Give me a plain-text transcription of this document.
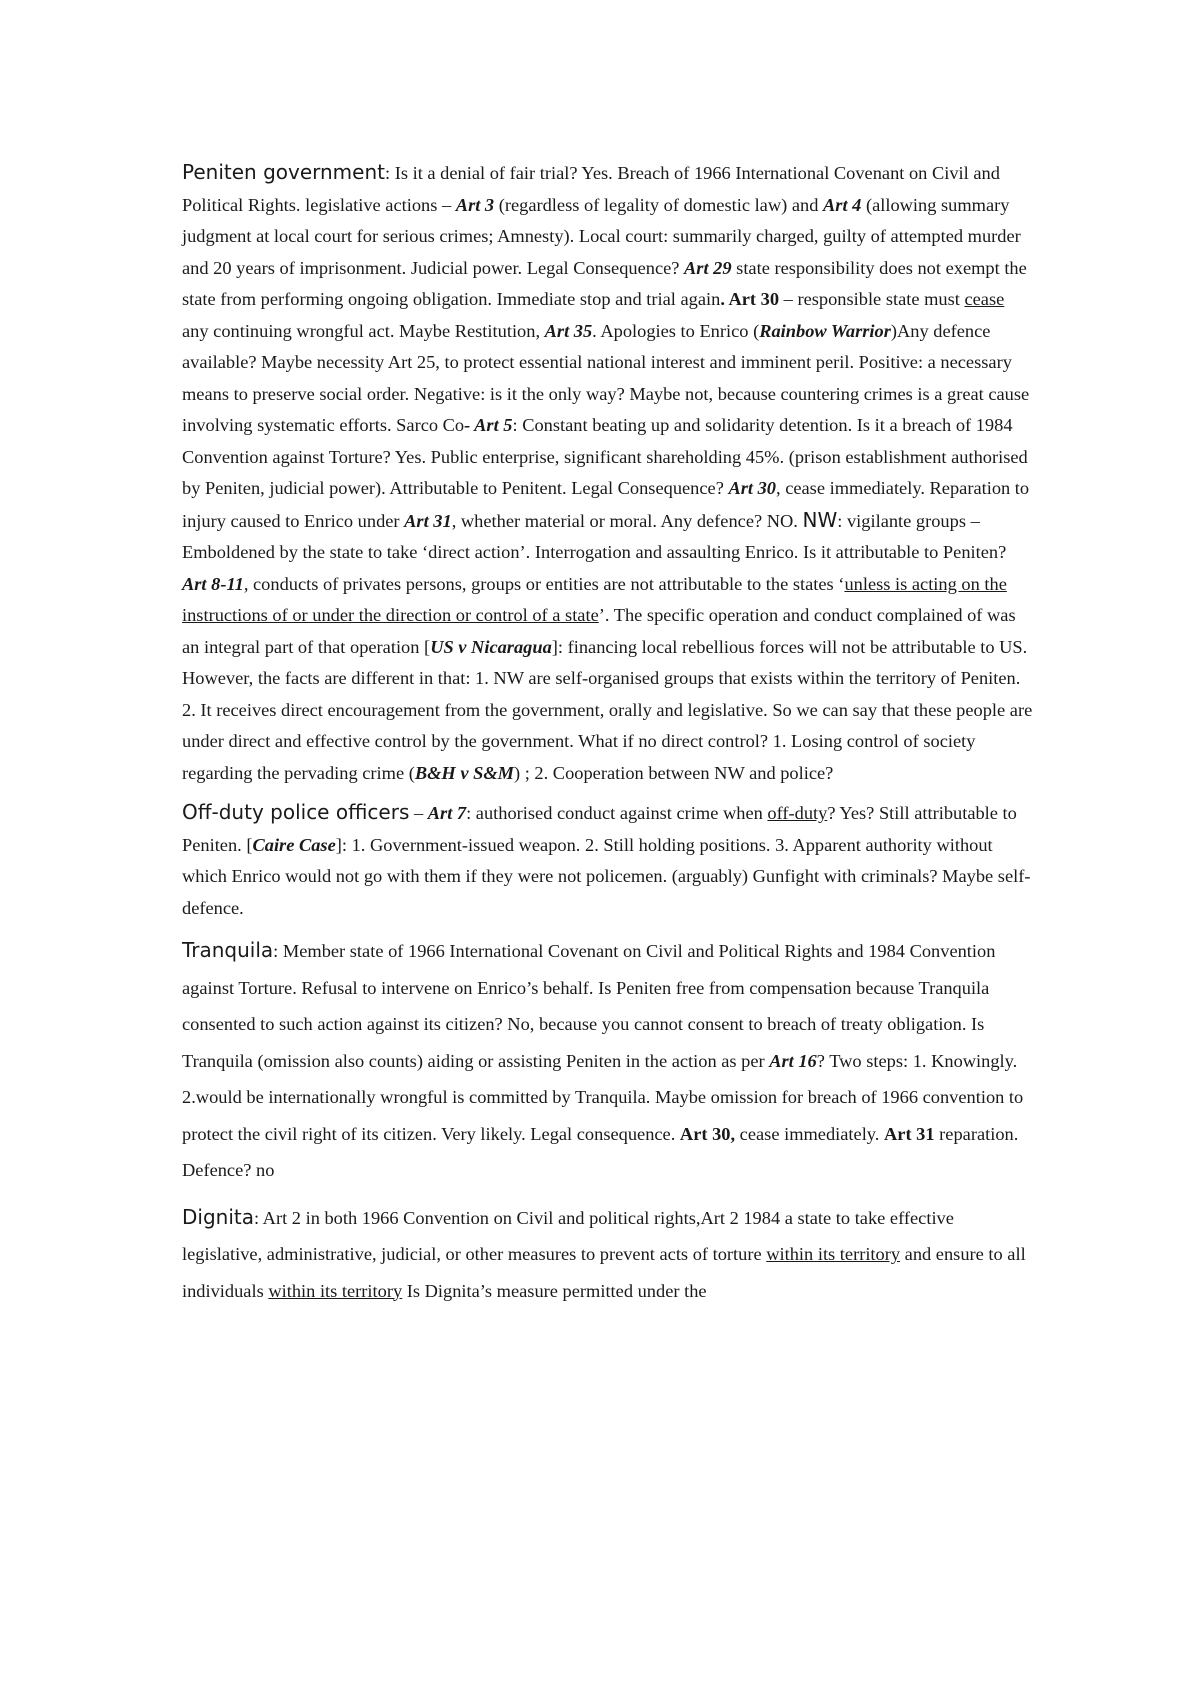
Peniten government: Is it a denial of fair trial? Yes. Breach of 1966 International Covenant on Civil and Political Rights. legislative actions – Art 3 (regardless of legality of domestic law) and Art 4 (allowing summary judgment at local court for serious crimes; Amnesty). Local court: summarily charged, guilty of attempted murder and 20 years of imprisonment. Judicial power. Legal Consequence? Art 29 state responsibility does not exempt the state from performing ongoing obligation. Immediate stop and trial again. Art 30 – responsible state must cease any continuing wrongful act. Maybe Restitution, Art 35. Apologies to Enrico (Rainbow Warrior)Any defence available? Maybe necessity Art 25, to protect essential national interest and imminent peril. Positive: a necessary means to preserve social order. Negative: is it the only way? Maybe not, because countering crimes is a great cause involving systematic efforts. Sarco Co- Art 5: Constant beating up and solidarity detention. Is it a breach of 1984 Convention against Torture? Yes. Public enterprise, significant shareholding 45%. (prison establishment authorised by Peniten, judicial power). Attributable to Penitent. Legal Consequence? Art 30, cease immediately. Reparation to injury caused to Enrico under Art 31, whether material or moral. Any defence? NO. NW: vigilante groups – Emboldened by the state to take ‘direct action’. Interrogation and assaulting Enrico. Is it attributable to Peniten? Art 8-11, conducts of privates persons, groups or entities are not attributable to the states ‘unless is acting on the instructions of or under the direction or control of a state’. The specific operation and conduct complained of was an integral part of that operation [US v Nicaragua]: financing local rebellious forces will not be attributable to US. However, the facts are different in that: 1. NW are self-organised groups that exists within the territory of Peniten. 2. It receives direct encouragement from the government, orally and legislative. So we can say that these people are under direct and effective control by the government. What if no direct control? 1. Losing control of society regarding the pervading crime (B&H v S&M) ; 2. Cooperation between NW and police?

Off-duty police officers – Art 7: authorised conduct against crime when off-duty? Yes? Still attributable to Peniten. [Caire Case]: 1. Government-issued weapon. 2. Still holding positions. 3. Apparent authority without which Enrico would not go with them if they were not policemen. (arguably) Gunfight with criminals? Maybe self-defence.

Tranquila: Member state of 1966 International Covenant on Civil and Political Rights and 1984 Convention against Torture. Refusal to intervene on Enrico’s behalf. Is Peniten free from compensation because Tranquila consented to such action against its citizen? No, because you cannot consent to breach of treaty obligation. Is Tranquila (omission also counts) aiding or assisting Peniten in the action as per Art 16? Two steps: 1. Knowingly. 2.would be internationally wrongful is committed by Tranquila. Maybe omission for breach of 1966 convention to protect the civil right of its citizen. Very likely. Legal consequence. Art 30, cease immediately. Art 31 reparation. Defence? no

Dignita: Art 2 in both 1966 Convention on Civil and political rights,Art 2 1984 a state to take effective legislative, administrative, judicial, or other measures to prevent acts of torture within its territory and ensure to all individuals within its territory Is Dignita’s measure permitted under the
